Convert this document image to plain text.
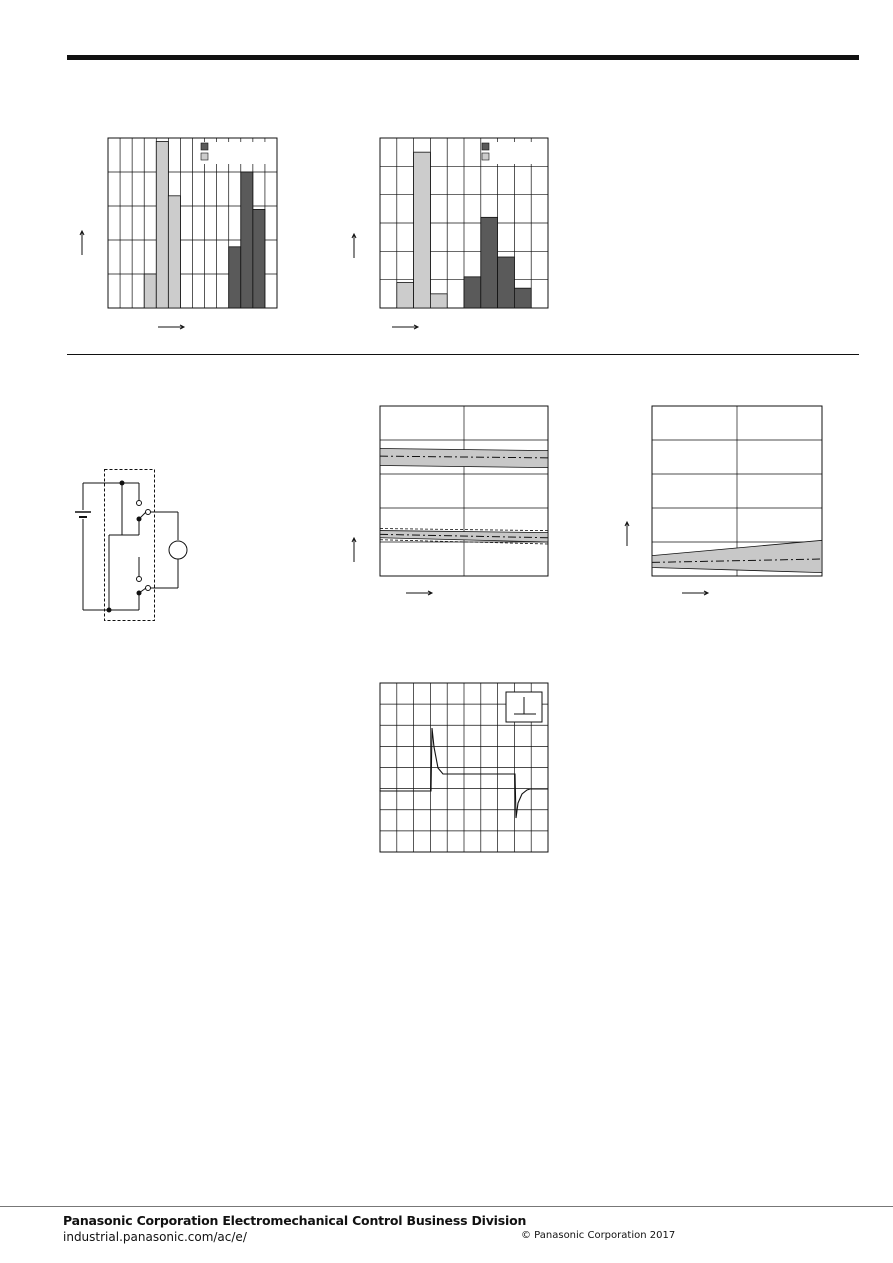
Panasonic Corporation Electromechanical Control Business Division
industrial.panasonic.com/ac/e/	© Panasonic Corporation 2017
